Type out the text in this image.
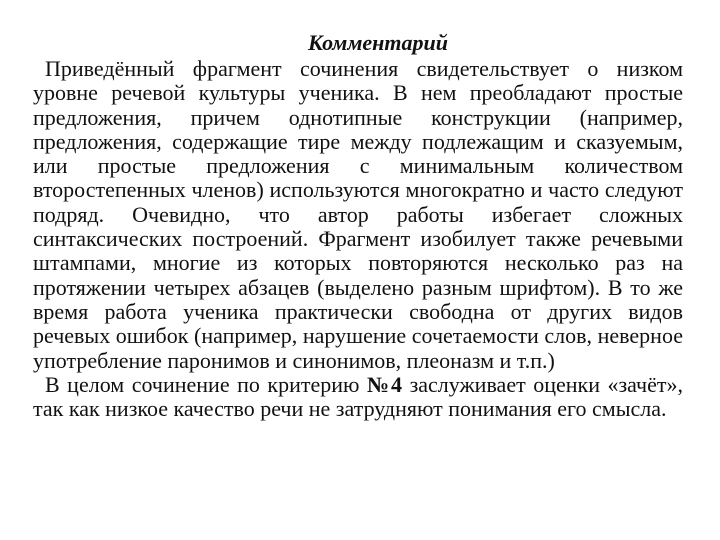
Комментарий

Приведённый фрагмент сочинения свидетельствует о низком уровне речевой культуры ученика. В нем преобладают простые предложения, причем однотипные конструкции (например, предложения, содержащие тире между подлежащим и сказуемым, или простые предложения с минимальным количеством второстепенных членов) используются многократно и часто следуют подряд. Очевидно, что автор работы избегает сложных синтаксических построений. Фрагмент изобилует также речевыми штампами, многие из которых повторяются несколько раз на протяжении четырех абзацев (выделено разным шрифтом). В то же время работа ученика практически свободна от других видов речевых ошибок (например, нарушение сочетаемости слов, неверное употребление паронимов и синонимов, плеоназм и т.п.)

В целом сочинение по критерию №4 заслуживает оценки «зачёт», так как низкое качество речи не затрудняют понимания его смысла.
